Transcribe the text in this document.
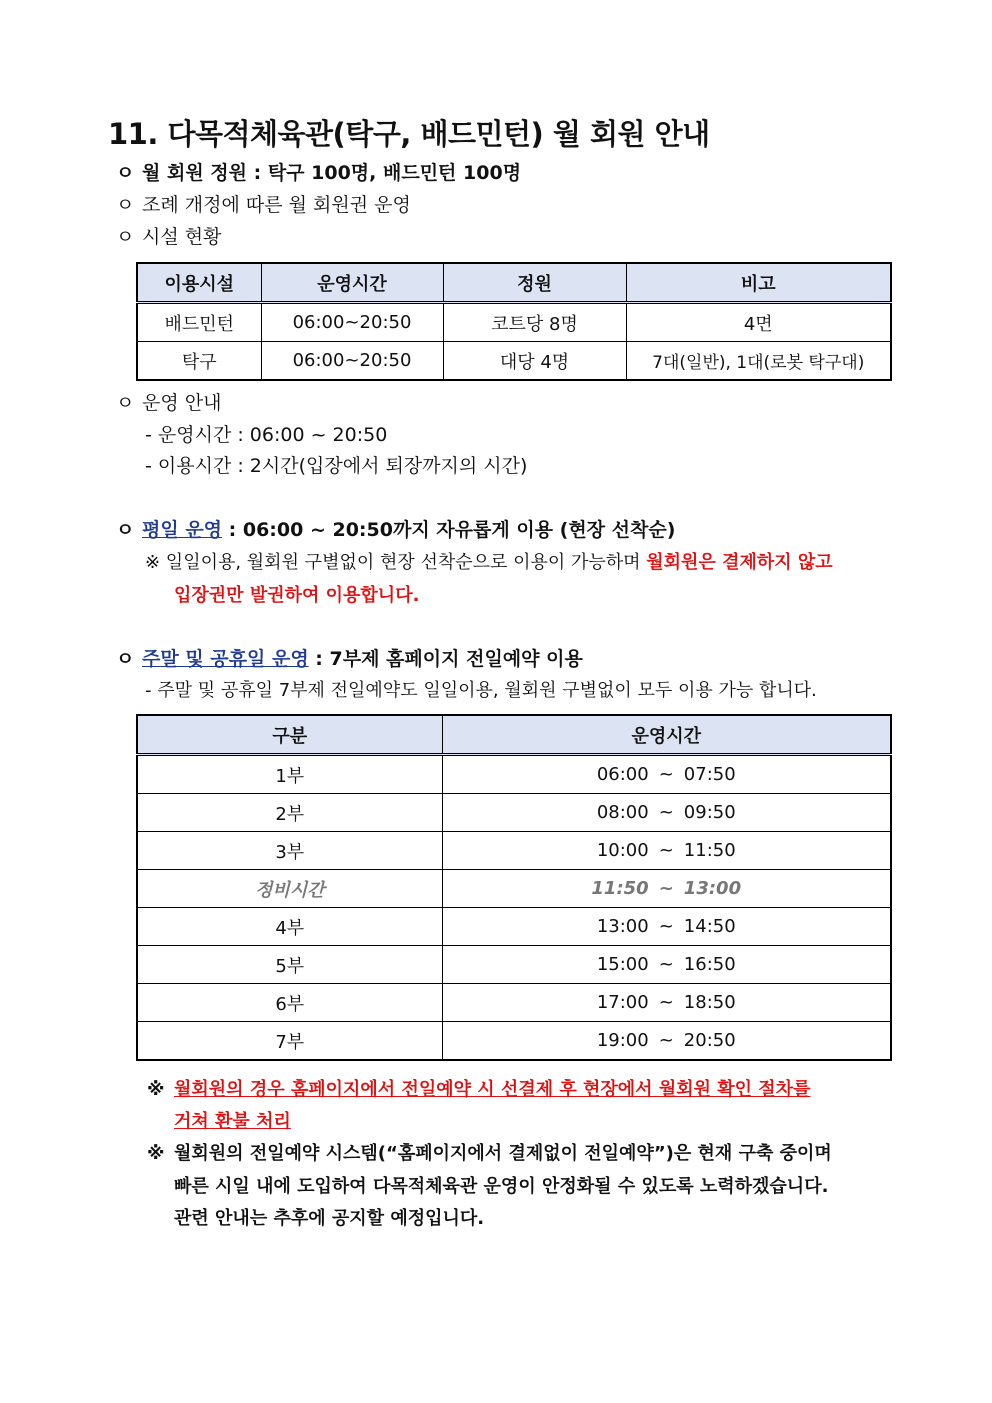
11. 다목적체육관(탁구, 배드민턴) 월 회원 안내
ㅇ 월 회원 정원 : 탁구 100명, 배드민턴 100명
ㅇ 조례 개정에 따른 월 회원권 운영
ㅇ 시설 현황
이용시설	운영시간	정원	비고
배드민턴	06:00~20:50	코트당 8명	4면
탁구	06:00~20:50	대당 4명	7대(일반), 1대(로봇 탁구대)
ㅇ 운영 안내
- 운영시간 : 06:00 ~ 20:50
- 이용시간 : 2시간(입장에서 퇴장까지의 시간)
ㅇ 평일 운영 : 06:00 ~ 20:50까지 자유롭게 이용 (현장 선착순)
※ 일일이용, 월회원 구별없이 현장 선착순으로 이용이 가능하며 월회원은 결제하지 않고
입장권만 발권하여 이용합니다.
ㅇ 주말 및 공휴일 운영 : 7부제 홈페이지 전일예약 이용
- 주말 및 공휴일 7부제 전일예약도 일일이용, 월회원 구별없이 모두 이용 가능 합니다.
구분	운영시간
1부	06:00 ~ 07:50
2부	08:00 ~ 09:50
3부	10:00 ~ 11:50
정비시간	11:50 ~ 13:00
4부	13:00 ~ 14:50
5부	15:00 ~ 16:50
6부	17:00 ~ 18:50
7부	19:00 ~ 20:50
※ 월회원의 경우 홈페이지에서 전일예약 시 선결제 후 현장에서 월회원 확인 절차를
거쳐 환불 처리
※ 월회원의 전일예약 시스템(“홈페이지에서 결제없이 전일예약”)은 현재 구축 중이며
빠른 시일 내에 도입하여 다목적체육관 운영이 안정화될 수 있도록 노력하겠습니다.
관련 안내는 추후에 공지할 예정입니다.
